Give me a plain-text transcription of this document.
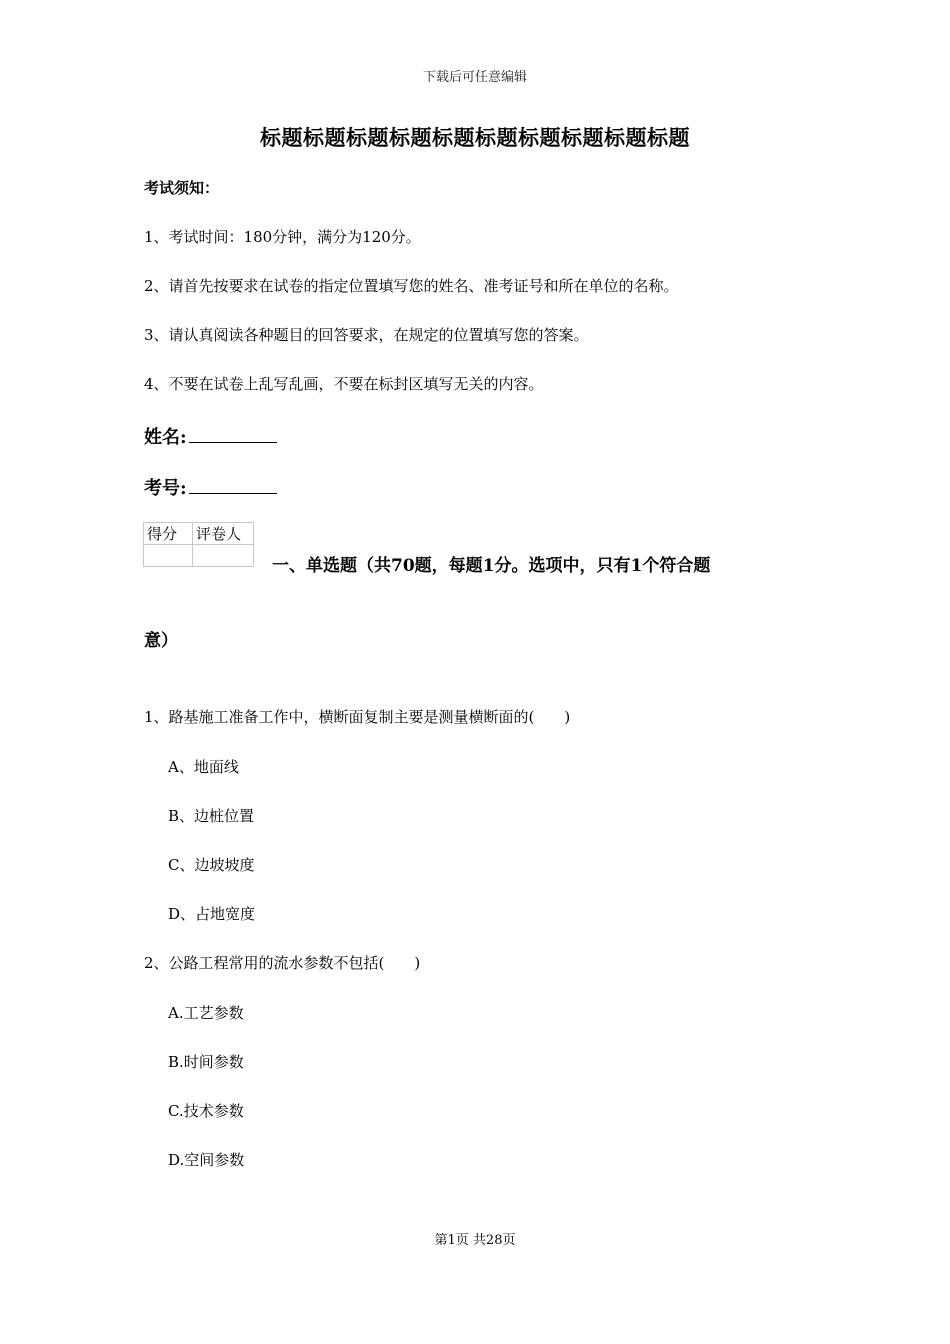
下载后可任意编辑
标题标题标题标题标题标题标题标题标题标题
考试须知：
1、考试时间：180分钟，满分为120分。
2、请首先按要求在试卷的指定位置填写您的姓名、准考证号和所在单位的名称。
3、请认真阅读各种题目的回答要求，在规定的位置填写您的答案。
4、不要在试卷上乱写乱画，不要在标封区填写无关的内容。
姓名:
考号:
得分	评卷人

一、单选题（共70题，每题1分。选项中，只有1个符合题
意）
1、路基施工准备工作中，横断面复制主要是测量横断面的(　　)
A、地面线
B、边桩位置
C、边坡坡度
D、占地宽度
2、公路工程常用的流水参数不包括(　　)
A.工艺参数
B.时间参数
C.技术参数
D.空间参数
第1页 共28页
